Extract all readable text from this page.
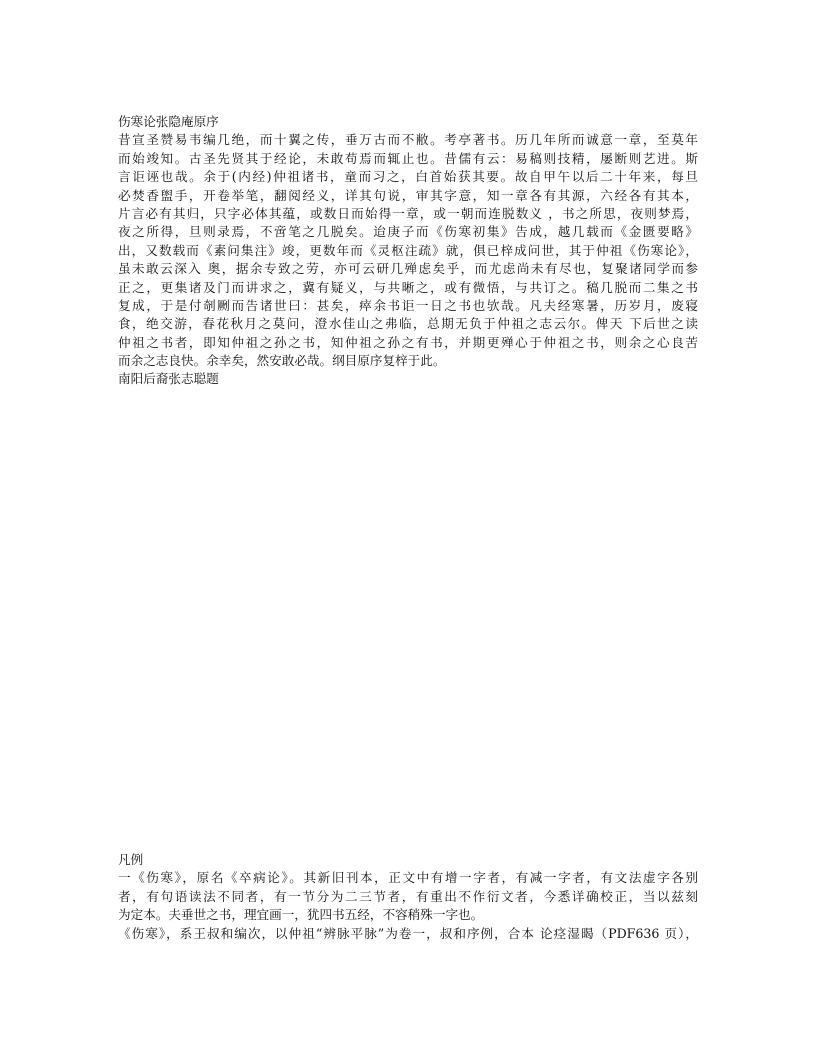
伤寒论张隐庵原序
昔宣圣赞易韦编几绝，而十翼之传，垂万古而不敝。考亭著书。历几年所而诚意一章，至莫年
而始竣知。古圣先贤其于经论，未敢苟焉而辄止也。昔儒有云：易稿则技精，屡断则艺进。斯
言讵诬也哉。余于(内经)仲祖诸书，童而习之，白首始获其要。故自甲午以后二十年来，每旦
必焚香盥手，开卷举笔，翻阅经义，详其句说，审其字意，知一章各有其源，六经各有其本，
片言必有其归，只字必体其蕴，或数日而始得一章，或一朝而连脱数义 ，书之所思，夜则梦焉，
夜之所得，旦则录焉，不啻笔之几脱矣。迨庚子而《伤寒初集》告成，越几载而《金匮要略》
出，又数载而《素问集注》竣，更数年而《灵枢注疏》就，俱已梓成问世，其于仲祖《伤寒论》，
虽未敢云深入 奥，据余专致之劳，亦可云研几殚虑矣乎，而尤虑尚未有尽也，复聚诸同学而参
正之，更集诸及门而讲求之，冀有疑义，与共晰之，或有微悟，与共订之。稿几脱而二集之书
复成，于是付剞劂而告诸世曰：甚矣，瘁余书讵一日之书也欤哉。凡夫经寒暑，历岁月，废寝
食，绝交游，春花秋月之莫问，澄水佳山之弗临，总期无负于仲祖之志云尔。俾天 下后世之读
仲祖之书者，即知仲祖之孙之书，知仲祖之孙之有书，并期更殚心于仲祖之书，则余之心良苦
而余之志良快。余幸矣，然安敢必哉。纲目原序复梓于此。
南阳后裔张志聪题
凡例
一《伤寒》，原名《卒病论》。其新旧刊本，正文中有增一字者，有减一字者，有文法虚字各别
者，有句语读法不同者，有一节分为二三节者，有重出不作衍文者，今悉详确校正，当以兹刻
为定本。夫垂世之书，理宜画一，犹四书五经，不容稍殊一字也。
《伤寒》，系王叔和编次，以仲祖“辨脉平脉”为卷一，叔和序例，合本 论痉湿暍（PDF636 页），
